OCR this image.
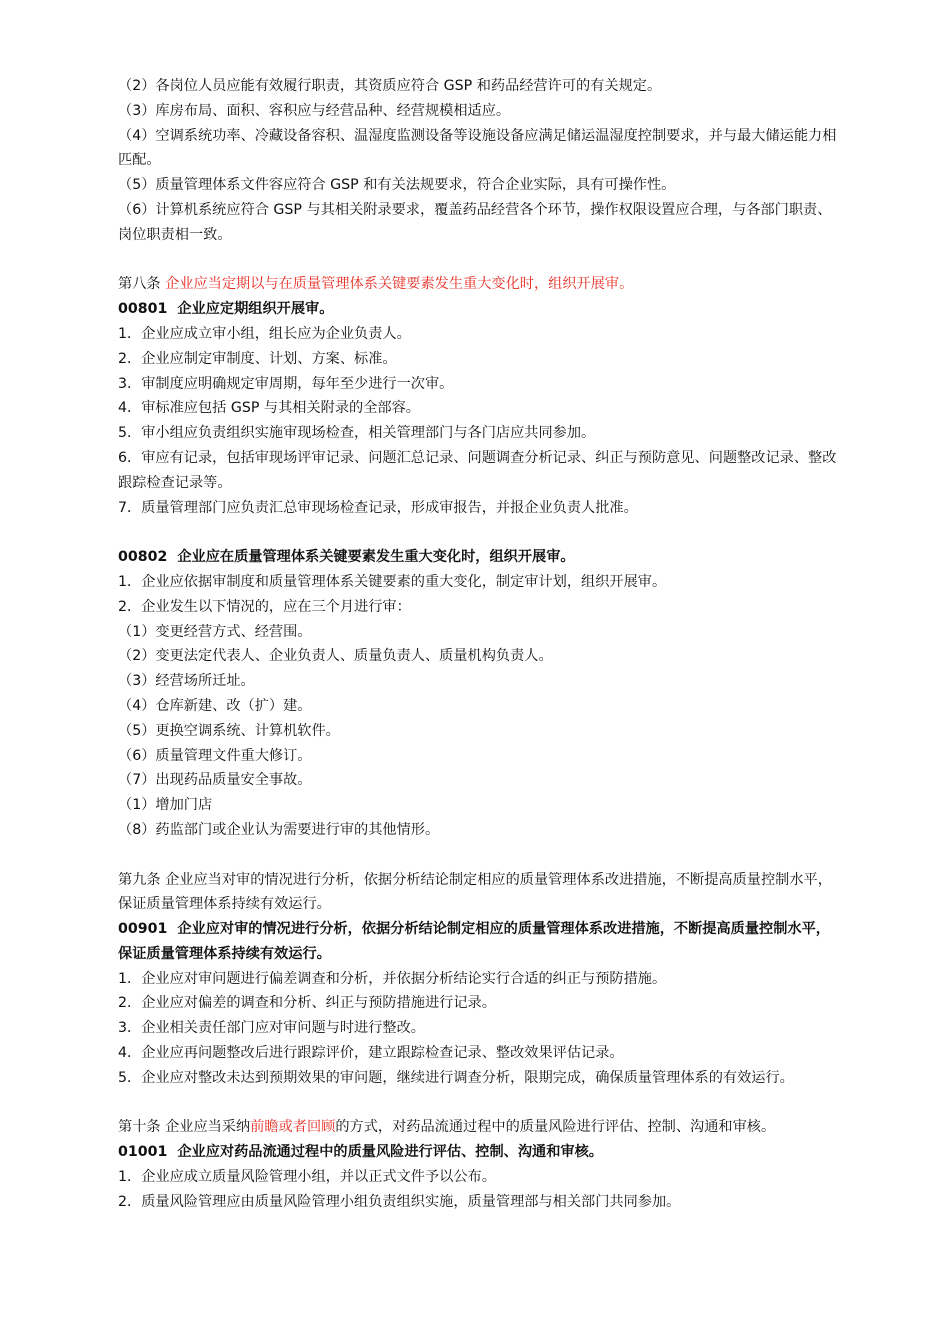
（2）各岗位人员应能有效履行职责，其资质应符合 GSP 和药品经营许可的有关规定。
（3）库房布局、面积、容积应与经营品种、经营规模相适应。
（4）空调系统功率、冷藏设备容积、温湿度监测设备等设施设备应满足储运温湿度控制要求，并与最大储运能力相匹配。
（5）质量管理体系文件容应符合 GSP 和有关法规要求，符合企业实际，具有可操作性。
（6）计算机系统应符合 GSP 与其相关附录要求，覆盖药品经营各个环节，操作权限设置应合理，与各部门职责、岗位职责相一致。
第八条 企业应当定期以与在质量管理体系关键要素发生重大变化时，组织开展审。
00801 企业应定期组织开展审。
1．企业应成立审小组，组长应为企业负责人。
2．企业应制定审制度、计划、方案、标准。
3．审制度应明确规定审周期，每年至少进行一次审。
4．审标准应包括 GSP 与其相关附录的全部容。
5．审小组应负责组织实施审现场检查，相关管理部门与各门店应共同参加。
6．审应有记录，包括审现场评审记录、问题汇总记录、问题调查分析记录、纠正与预防意见、问题整改记录、整改跟踪检查记录等。
7．质量管理部门应负责汇总审现场检查记录，形成审报告，并报企业负责人批准。
00802 企业应在质量管理体系关键要素发生重大变化时，组织开展审。
1．企业应依据审制度和质量管理体系关键要素的重大变化，制定审计划，组织开展审。
2．企业发生以下情况的，应在三个月进行审：
（1）变更经营方式、经营围。
（2）变更法定代表人、企业负责人、质量负责人、质量机构负责人。
（3）经营场所迁址。
（4）仓库新建、改（扩）建。
（5）更换空调系统、计算机软件。
（6）质量管理文件重大修订。
（7）出现药品质量安全事故。
（1）增加门店
（8）药监部门或企业认为需要进行审的其他情形。
第九条 企业应当对审的情况进行分析，依据分析结论制定相应的质量管理体系改进措施，不断提高质量控制水平，保证质量管理体系持续有效运行。
00901 企业应对审的情况进行分析，依据分析结论制定相应的质量管理体系改进措施，不断提高质量控制水平，保证质量管理体系持续有效运行。
1．企业应对审问题进行偏差调查和分析，并依据分析结论实行合适的纠正与预防措施。
2．企业应对偏差的调查和分析、纠正与预防措施进行记录。
3．企业相关责任部门应对审问题与时进行整改。
4．企业应再问题整改后进行跟踪评价，建立跟踪检查记录、整改效果评估记录。
5．企业应对整改未达到预期效果的审问题，继续进行调查分析，限期完成，确保质量管理体系的有效运行。
第十条 企业应当采纳前瞻或者回顾的方式，对药品流通过程中的质量风险进行评估、控制、沟通和审核。
01001 企业应对药品流通过程中的质量风险进行评估、控制、沟通和审核。
1．企业应成立质量风险管理小组，并以正式文件予以公布。
2．质量风险管理应由质量风险管理小组负责组织实施，质量管理部与相关部门共同参加。
